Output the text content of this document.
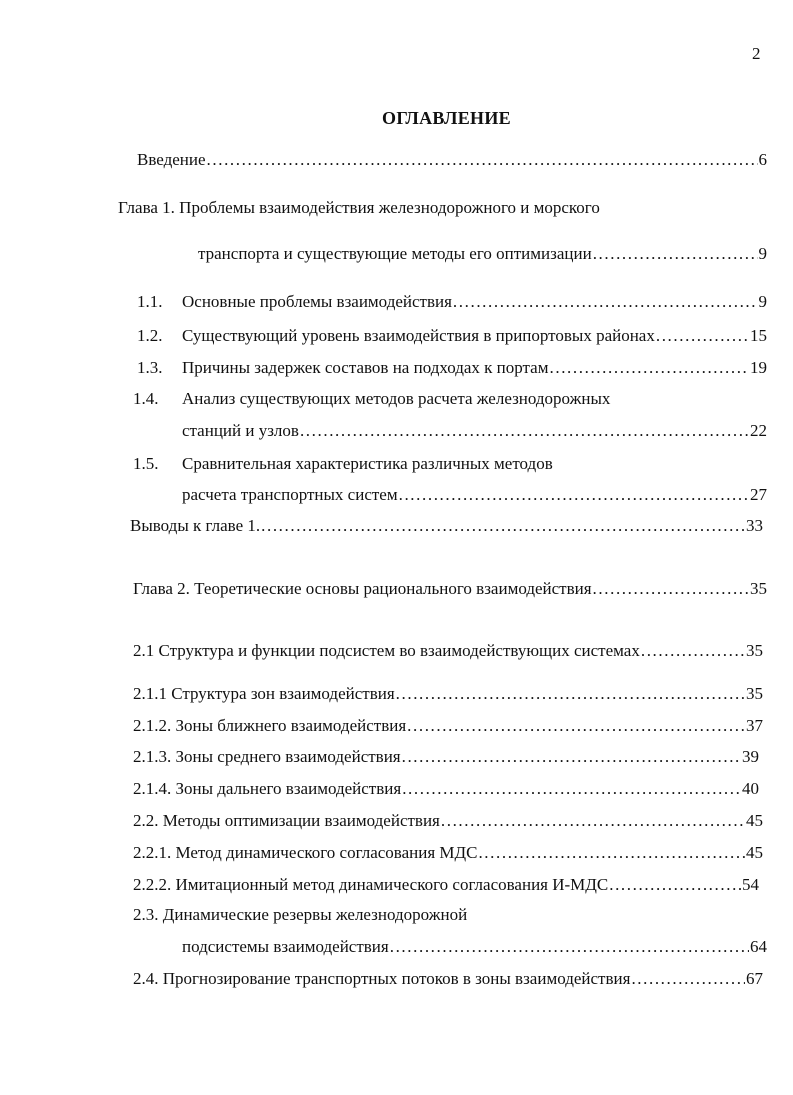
2
ОГЛАВЛЕНИЕ
Введение .....	6
Глава 1. Проблемы взаимодействия железнодорожного и морского
транспорта и существующие методы его оптимизации .....	9
1.1.	Основные проблемы взаимодействия .....	9
1.2.	Существующий уровень взаимодействия в припортовых районах .....	15
1.3.	Причины задержек составов на подходах к портам .....	19
1.4.	Анализ существующих методов расчета железнодорожных
станций и узлов .....	22
1.5.	Сравнительная характеристика различных методов
расчета транспортных систем .....	27
Выводы к главе 1. .....	33
Глава 2. Теоретические основы рационального взаимодействия .....	35
2.1 Структура и функции подсистем во взаимодействующих системах .....	35
2.1.1 Структура зон взаимодействия .....	35
2.1.2. Зоны ближнего взаимодействия .....	37
2.1.3. Зоны среднего взаимодействия .....	39
2.1.4. Зоны дальнего взаимодействия .....	40
2.2. Методы оптимизации взаимодействия .....	45
2.2.1. Метод динамического согласования МДС .....	45
2.2.2. Имитационный метод динамического согласования И-МДС .....	54
2.3. Динамические резервы железнодорожной
подсистемы взаимодействия .....	64
2.4. Прогнозирование транспортных потоков в зоны взаимодействия .....	67
